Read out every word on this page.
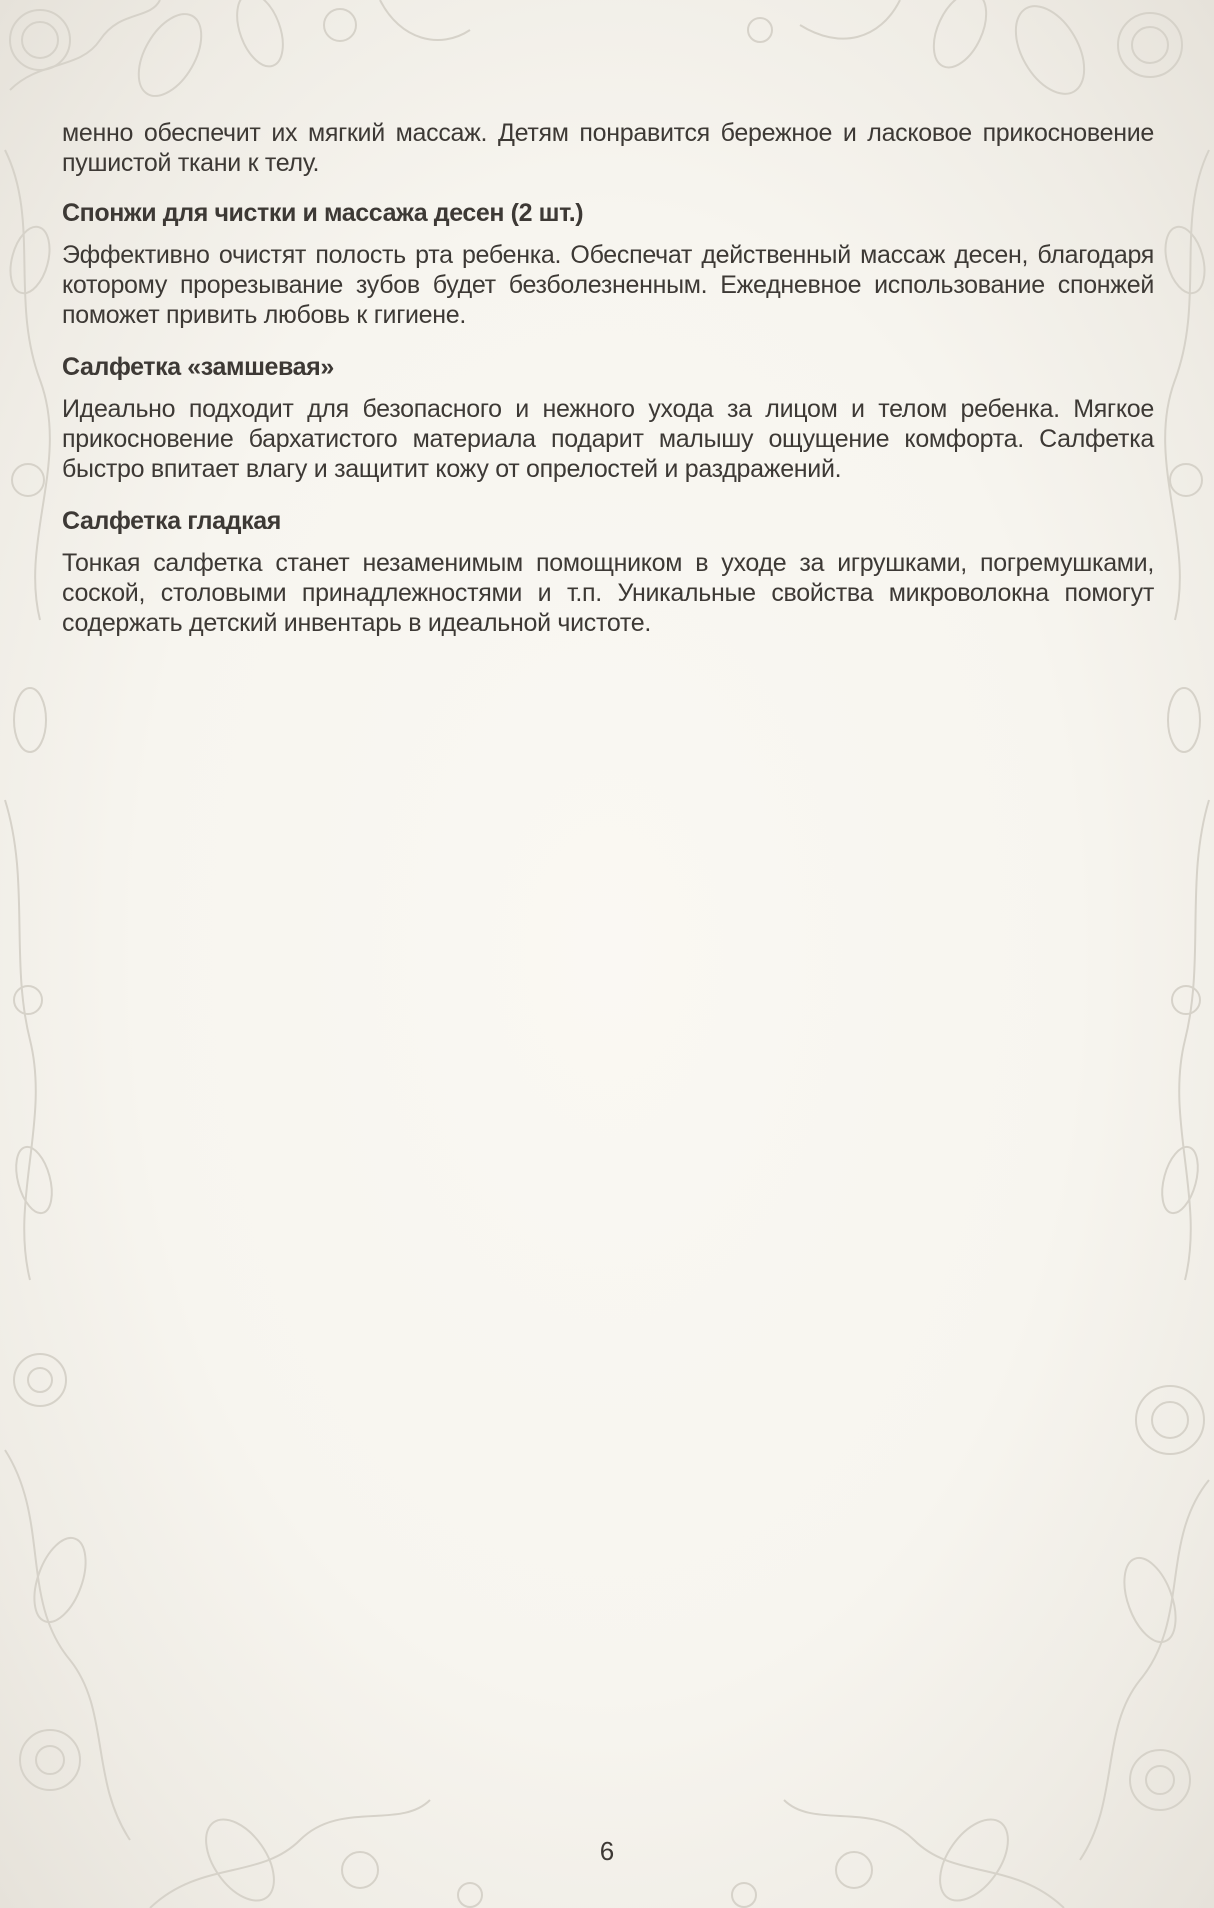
менно обеспечит их мягкий массаж. Детям понравится бережное и ласковое прикосновение пушистой ткани к телу.

Спонжи для чистки и массажа десен (2 шт.)

Эффективно очистят полость рта ребенка. Обеспечат действенный массаж десен, благодаря которому прорезывание зубов будет безболезненным. Ежедневное использование спонжей поможет привить любовь к гигиене.

Салфетка «замшевая»

Идеально подходит для безопасного и нежного ухода за лицом и телом ребенка. Мягкое прикосновение бархатистого материала подарит малышу ощущение комфорта. Салфетка быстро впитает влагу и защитит кожу от опрелостей и раздражений.

Салфетка гладкая

Тонкая салфетка станет незаменимым помощником в уходе за игрушками, погремушками, соской, столовыми принадлежностями и т.п. Уникальные свойства микроволокна помогут содержать детский инвентарь в идеальной чистоте.

6
